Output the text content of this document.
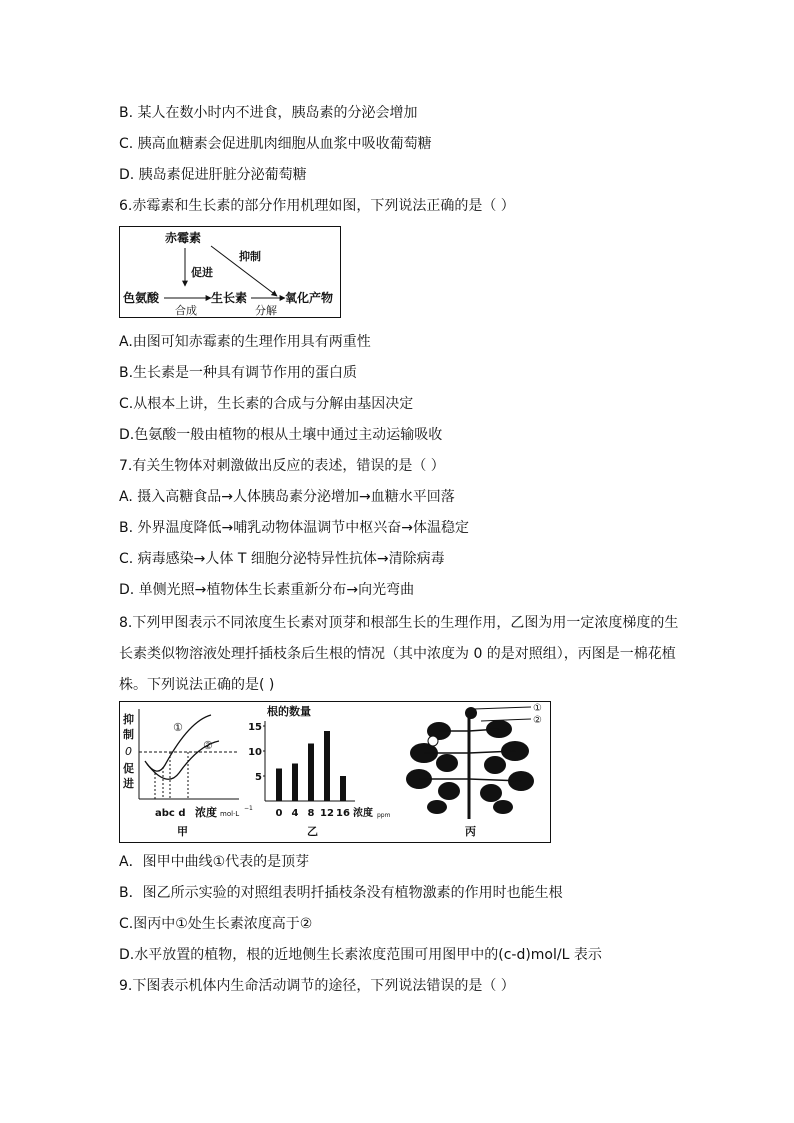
B. 某人在数小时内不进食，胰岛素的分泌会增加
C. 胰高血糖素会促进肌肉细胞从血浆中吸收葡萄糖
D. 胰岛素促进肝脏分泌葡萄糖
6.赤霉素和生长素的部分作用机理如图，下列说法正确的是（ ）
赤霉素
促进
抑制
色氨酸
合成
生长素
分解
氧化产物
A.由图可知赤霉素的生理作用具有两重性
B.生长素是一种具有调节作用的蛋白质
C.从根本上讲，生长素的合成与分解由基因决定
D.色氨酸一般由植物的根从土壤中通过主动运输吸收
7.有关生物体对刺激做出反应的表述，错误的是（ ）
A. 摄入高糖食品→人体胰岛素分泌增加→血糖水平回落
B. 外界温度降低→哺乳动物体温调节中枢兴奋→体温稳定
C. 病毒感染→人体 T 细胞分泌特异性抗体→清除病毒
D. 单侧光照→植物体生长素重新分布→向光弯曲
8.下列甲图表示不同浓度生长素对顶芽和根部生长的生理作用，乙图为用一定浓度梯度的生
长素类似物溶液处理扦插枝条后生根的情况（其中浓度为 0 的是对照组），丙图是一棉花植
株。下列说法正确的是( )
抑
制
0
促
进
①
②
abc d 浓度 mol·L
−1
甲
根的数量
5
10
15
0 4 8 12 16 浓度 ppm
乙
①
②
丙
A．图甲中曲线①代表的是顶芽
B．图乙所示实验的对照组表明扦插枝条没有植物激素的作用时也能生根
C.图丙中①处生长素浓度高于②
D.水平放置的植物，根的近地侧生长素浓度范围可用图甲中的(c-d)mol/L 表示
9.下图表示机体内生命活动调节的途径，下列说法错误的是（ ）
